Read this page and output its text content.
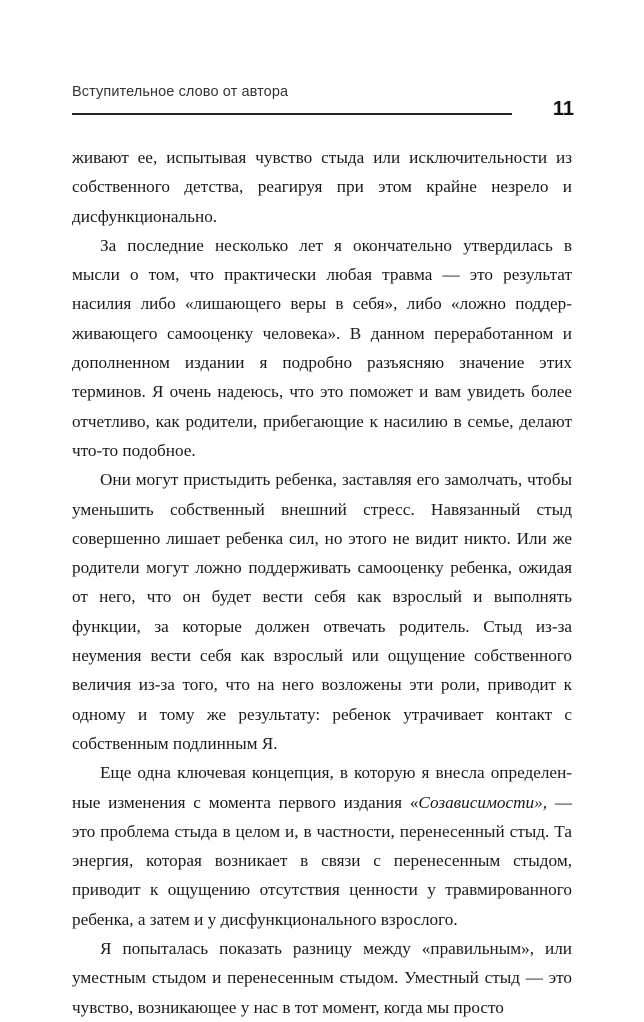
Вступительное слово от автора
11

живают ее, испытывая чувство стыда или исключительности из собственного детства, реагируя при этом крайне незрело и дисфункционально.

За последние несколько лет я окончательно утвердилась в мысли о том, что практически любая травма — это результат насилия либо «лишающего веры в себя», либо «ложно поддерживающего самооценку человека». В данном переработанном и дополненном издании я подробно разъясняю значение этих терминов. Я очень надеюсь, что это поможет и вам увидеть более отчетливо, как родители, прибегающие к насилию в семье, делают что-то подобное.

Они могут пристыдить ребенка, заставляя его замолчать, чтобы уменьшить собственный внешний стресс. Навязанный стыд совершенно лишает ребенка сил, но этого не видит никто. Или же родители могут ложно поддерживать самооценку ребенка, ожидая от него, что он будет вести себя как взрослый и выполнять функции, за которые должен отвечать родитель. Стыд из-за неумения вести себя как взрослый или ощущение собственного величия из-за того, что на него возложены эти роли, приводит к одному и тому же результату: ребенок утрачивает контакт с собственным подлинным Я.

Еще одна ключевая концепция, в которую я внесла определенные изменения с момента первого издания «Созависимости», — это проблема стыда в целом и, в частности, перенесенный стыд. Та энергия, которая возникает в связи с перенесенным стыдом, приводит к ощущению отсутствия ценности у травмированного ребенка, а затем и у дисфункционального взрослого.

Я попыталась показать разницу между «правильным», или уместным стыдом и перенесенным стыдом. Уместный стыд — это чувство, возникающее у нас в тот момент, когда мы просто
